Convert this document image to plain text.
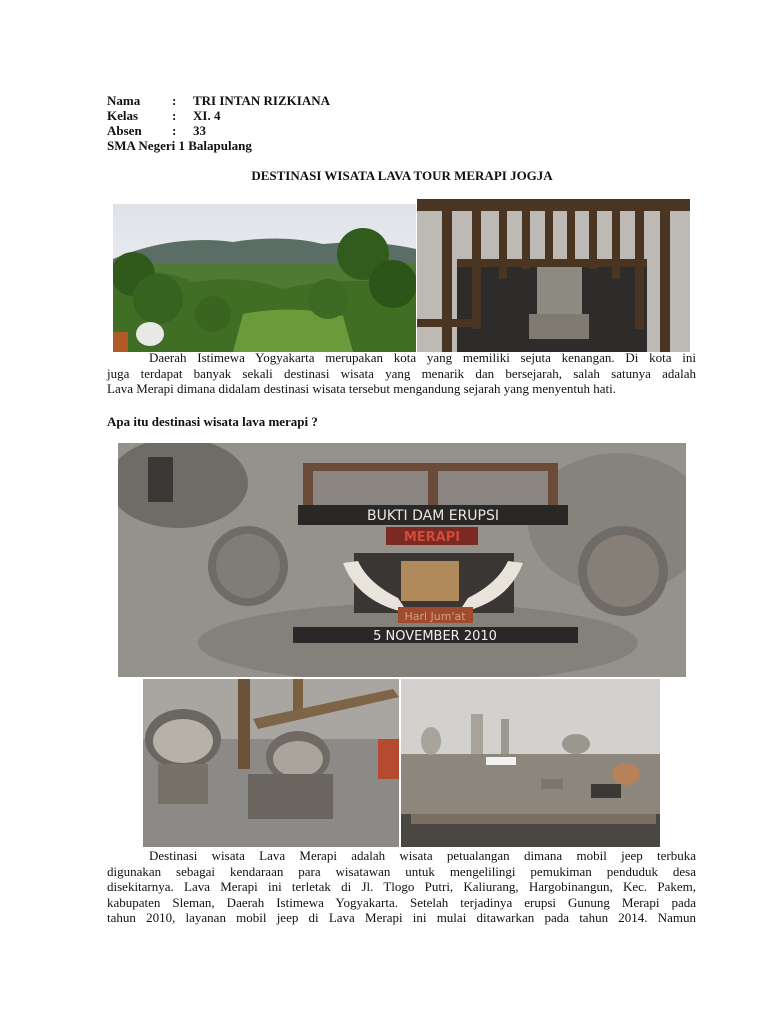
Nama : TRI INTAN RIZKIANA
Kelas	: XI. 4
Absen : 33
SMA Negeri 1 Balapulang
DESTINASI WISATA LAVA TOUR MERAPI JOGJA
Daerah Istimewa Yogyakarta merupakan kota yang memiliki sejuta kenangan. Di kota ini
juga terdapat banyak sekali destinasi wisata yang menarik dan bersejarah, salah satunya adalah
Lava Merapi dimana didalam destinasi wisata tersebut mengandung sejarah yang menyentuh hati.
Apa itu destinasi wisata lava merapi ?
BUKTI DAM ERUPSI
MERAPI
Hari Jum'at
5 NOVEMBER 2010
Destinasi wisata Lava Merapi adalah wisata petualangan dimana mobil jeep terbuka
digunakan sebagai kendaraan para wisatawan untuk mengelilingi pemukiman penduduk desa
disekitarnya. Lava Merapi ini terletak di Jl. Tlogo Putri, Kaliurang, Hargobinangun, Kec. Pakem,
kabupaten Sleman, Daerah Istimewa Yogyakarta. Setelah terjadinya erupsi Gunung Merapi pada
tahun 2010, layanan mobil jeep di Lava Merapi ini mulai ditawarkan pada tahun 2014. Namun
